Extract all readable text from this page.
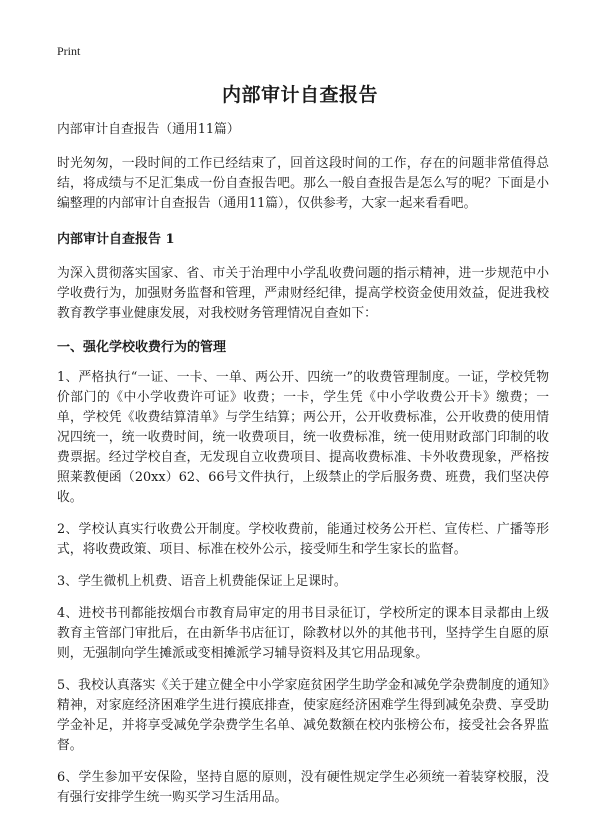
Print
内部审计自查报告

内部审计自查报告（通用11篇）

时光匆匆，一段时间的工作已经结束了，回首这段时间的工作，存在的问题非常值得总结，将成绩与不足汇集成一份自查报告吧。那么一般自查报告是怎么写的呢？下面是小编整理的内部审计自查报告（通用11篇），仅供参考，大家一起来看看吧。

内部审计自查报告 1

为深入贯彻落实国家、省、市关于治理中小学乱收费问题的指示精神，进一步规范中小学收费行为，加强财务监督和管理，严肃财经纪律，提高学校资金使用效益，促进我校教育教学事业健康发展，对我校财务管理情况自查如下：

一、强化学校收费行为的管理

1、严格执行“一证、一卡、一单、两公开、四统一”的收费管理制度。一证，学校凭物价部门的《中小学收费许可证》收费；一卡，学生凭《中小学收费公开卡》缴费；一单，学校凭《收费结算清单》与学生结算；两公开，公开收费标准，公开收费的使用情况四统一，统一收费时间，统一收费项目，统一收费标准，统一使用财政部门印制的收费票据。经过学校自查，无发现自立收费项目、提高收费标准、卡外收费现象，严格按照莱教便函（20xx）62、66号文件执行，上级禁止的学后服务费、班费，我们坚决停收。

2、学校认真实行收费公开制度。学校收费前，能通过校务公开栏、宣传栏、广播等形式，将收费政策、项目、标准在校外公示，接受师生和学生家长的监督。

3、学生微机上机费、语音上机费能保证上足课时。

4、进校书刊都能按烟台市教育局审定的用书目录征订，学校所定的课本目录都由上级教育主管部门审批后，在由新华书店征订，除教材以外的其他书刊，坚持学生自愿的原则，无强制向学生摊派或变相摊派学习辅导资料及其它用品现象。

5、我校认真落实《关于建立健全中小学家庭贫困学生助学金和减免学杂费制度的通知》精神，对家庭经济困难学生进行摸底排查，使家庭经济困难学生得到减免杂费、享受助学金补足，并将享受减免学杂费学生名单、减免数额在校内张榜公布，接受社会各界监督。

6、学生参加平安保险，坚持自愿的原则，没有硬性规定学生必须统一着装穿校服，没有强行安排学生统一购买学习生活用品。
